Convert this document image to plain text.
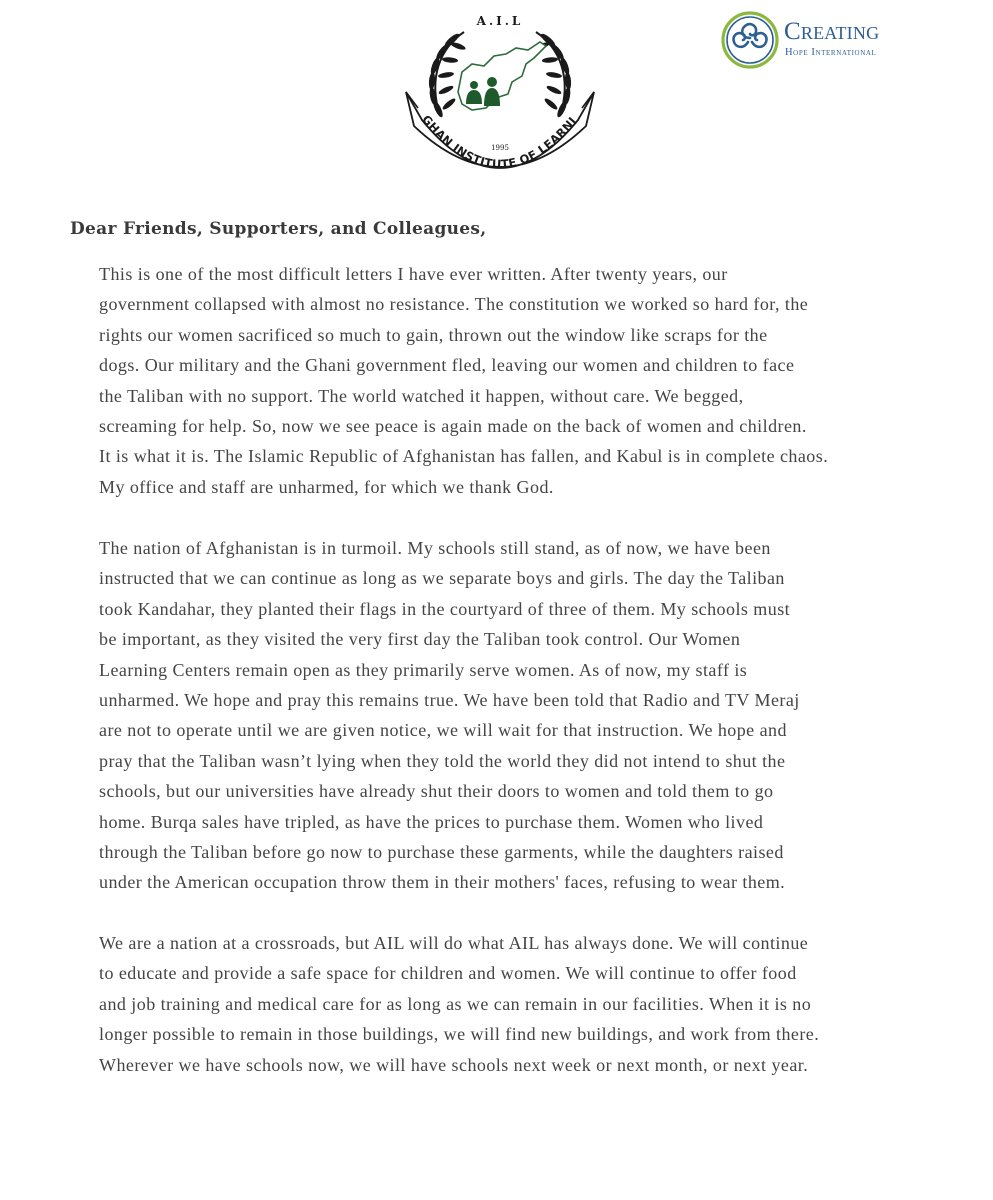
A.I.L
GHAN INSTITUTE OF LEARNI
1995
Creating
Hope International
Dear Friends, Supporters, and Colleagues,

This is one of the most difficult letters I have ever written. After twenty years, our
government collapsed with almost no resistance. The constitution we worked so hard for, the
rights our women sacrificed so much to gain, thrown out the window like scraps for the
dogs. Our military and the Ghani government fled, leaving our women and children to face
the Taliban with no support. The world watched it happen, without care. We begged,
screaming for help. So, now we see peace is again made on the back of women and children.
It is what it is. The Islamic Republic of Afghanistan has fallen, and Kabul is in complete chaos.
My office and staff are unharmed, for which we thank God.

The nation of Afghanistan is in turmoil. My schools still stand, as of now, we have been
instructed that we can continue as long as we separate boys and girls. The day the Taliban
took Kandahar, they planted their flags in the courtyard of three of them. My schools must
be important, as they visited the very first day the Taliban took control. Our Women
Learning Centers remain open as they primarily serve women. As of now, my staff is
unharmed. We hope and pray this remains true. We have been told that Radio and TV Meraj
are not to operate until we are given notice, we will wait for that instruction. We hope and
pray that the Taliban wasn’t lying when they told the world they did not intend to shut the
schools, but our universities have already shut their doors to women and told them to go
home. Burqa sales have tripled, as have the prices to purchase them. Women who lived
through the Taliban before go now to purchase these garments, while the daughters raised
under the American occupation throw them in their mothers' faces, refusing to wear them.

We are a nation at a crossroads, but AIL will do what AIL has always done. We will continue
to educate and provide a safe space for children and women. We will continue to offer food
and job training and medical care for as long as we can remain in our facilities. When it is no
longer possible to remain in those buildings, we will find new buildings, and work from there.
Wherever we have schools now, we will have schools next week or next month, or next year.
